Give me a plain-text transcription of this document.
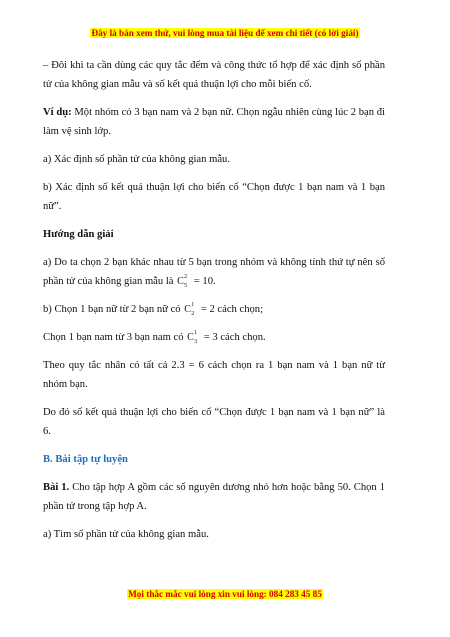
Đây là bản xem thử, vui lòng mua tài liệu để xem chi tiết (có lời giải)

– Đôi khi ta cần dùng các quy tắc đếm và công thức tổ hợp để xác định số phần tử của không gian mẫu và số kết quả thuận lợi cho mỗi biến cố.

Ví dụ: Một nhóm có 3 bạn nam và 2 bạn nữ. Chọn ngẫu nhiên cùng lúc 2 bạn đi làm vệ sinh lớp.

a) Xác định số phần tử của không gian mẫu.

b) Xác định số kết quả thuận lợi cho biến cố “Chọn được 1 bạn nam và 1 bạn nữ”.

Hướng dẫn giải

a) Do ta chọn 2 bạn khác nhau từ 5 bạn trong nhóm và không tính thứ tự nên số phần tử của không gian mẫu là C 2
5 = 10.

b) Chọn 1 bạn nữ từ 2 bạn nữ có C 1
2 = 2 cách chọn;

Chọn 1 bạn nam từ 3 bạn nam có C 1
3 = 3 cách chọn.

Theo quy tắc nhân có tất cả 2.3 = 6 cách chọn ra 1 bạn nam và 1 bạn nữ từ nhóm bạn.

Do đó số kết quả thuận lợi cho biến cố “Chọn được 1 bạn nam và 1 bạn nữ” là 6.

B. Bài tập tự luyện

Bài 1. Cho tập hợp A gồm các số nguyên dương nhỏ hơn hoặc bằng 50. Chọn 1 phần tử trong tập hợp A.

a) Tìm số phần tử của không gian mẫu.

Mọi thắc mắc vui lòng xin vui lòng: 084 283 45 85
